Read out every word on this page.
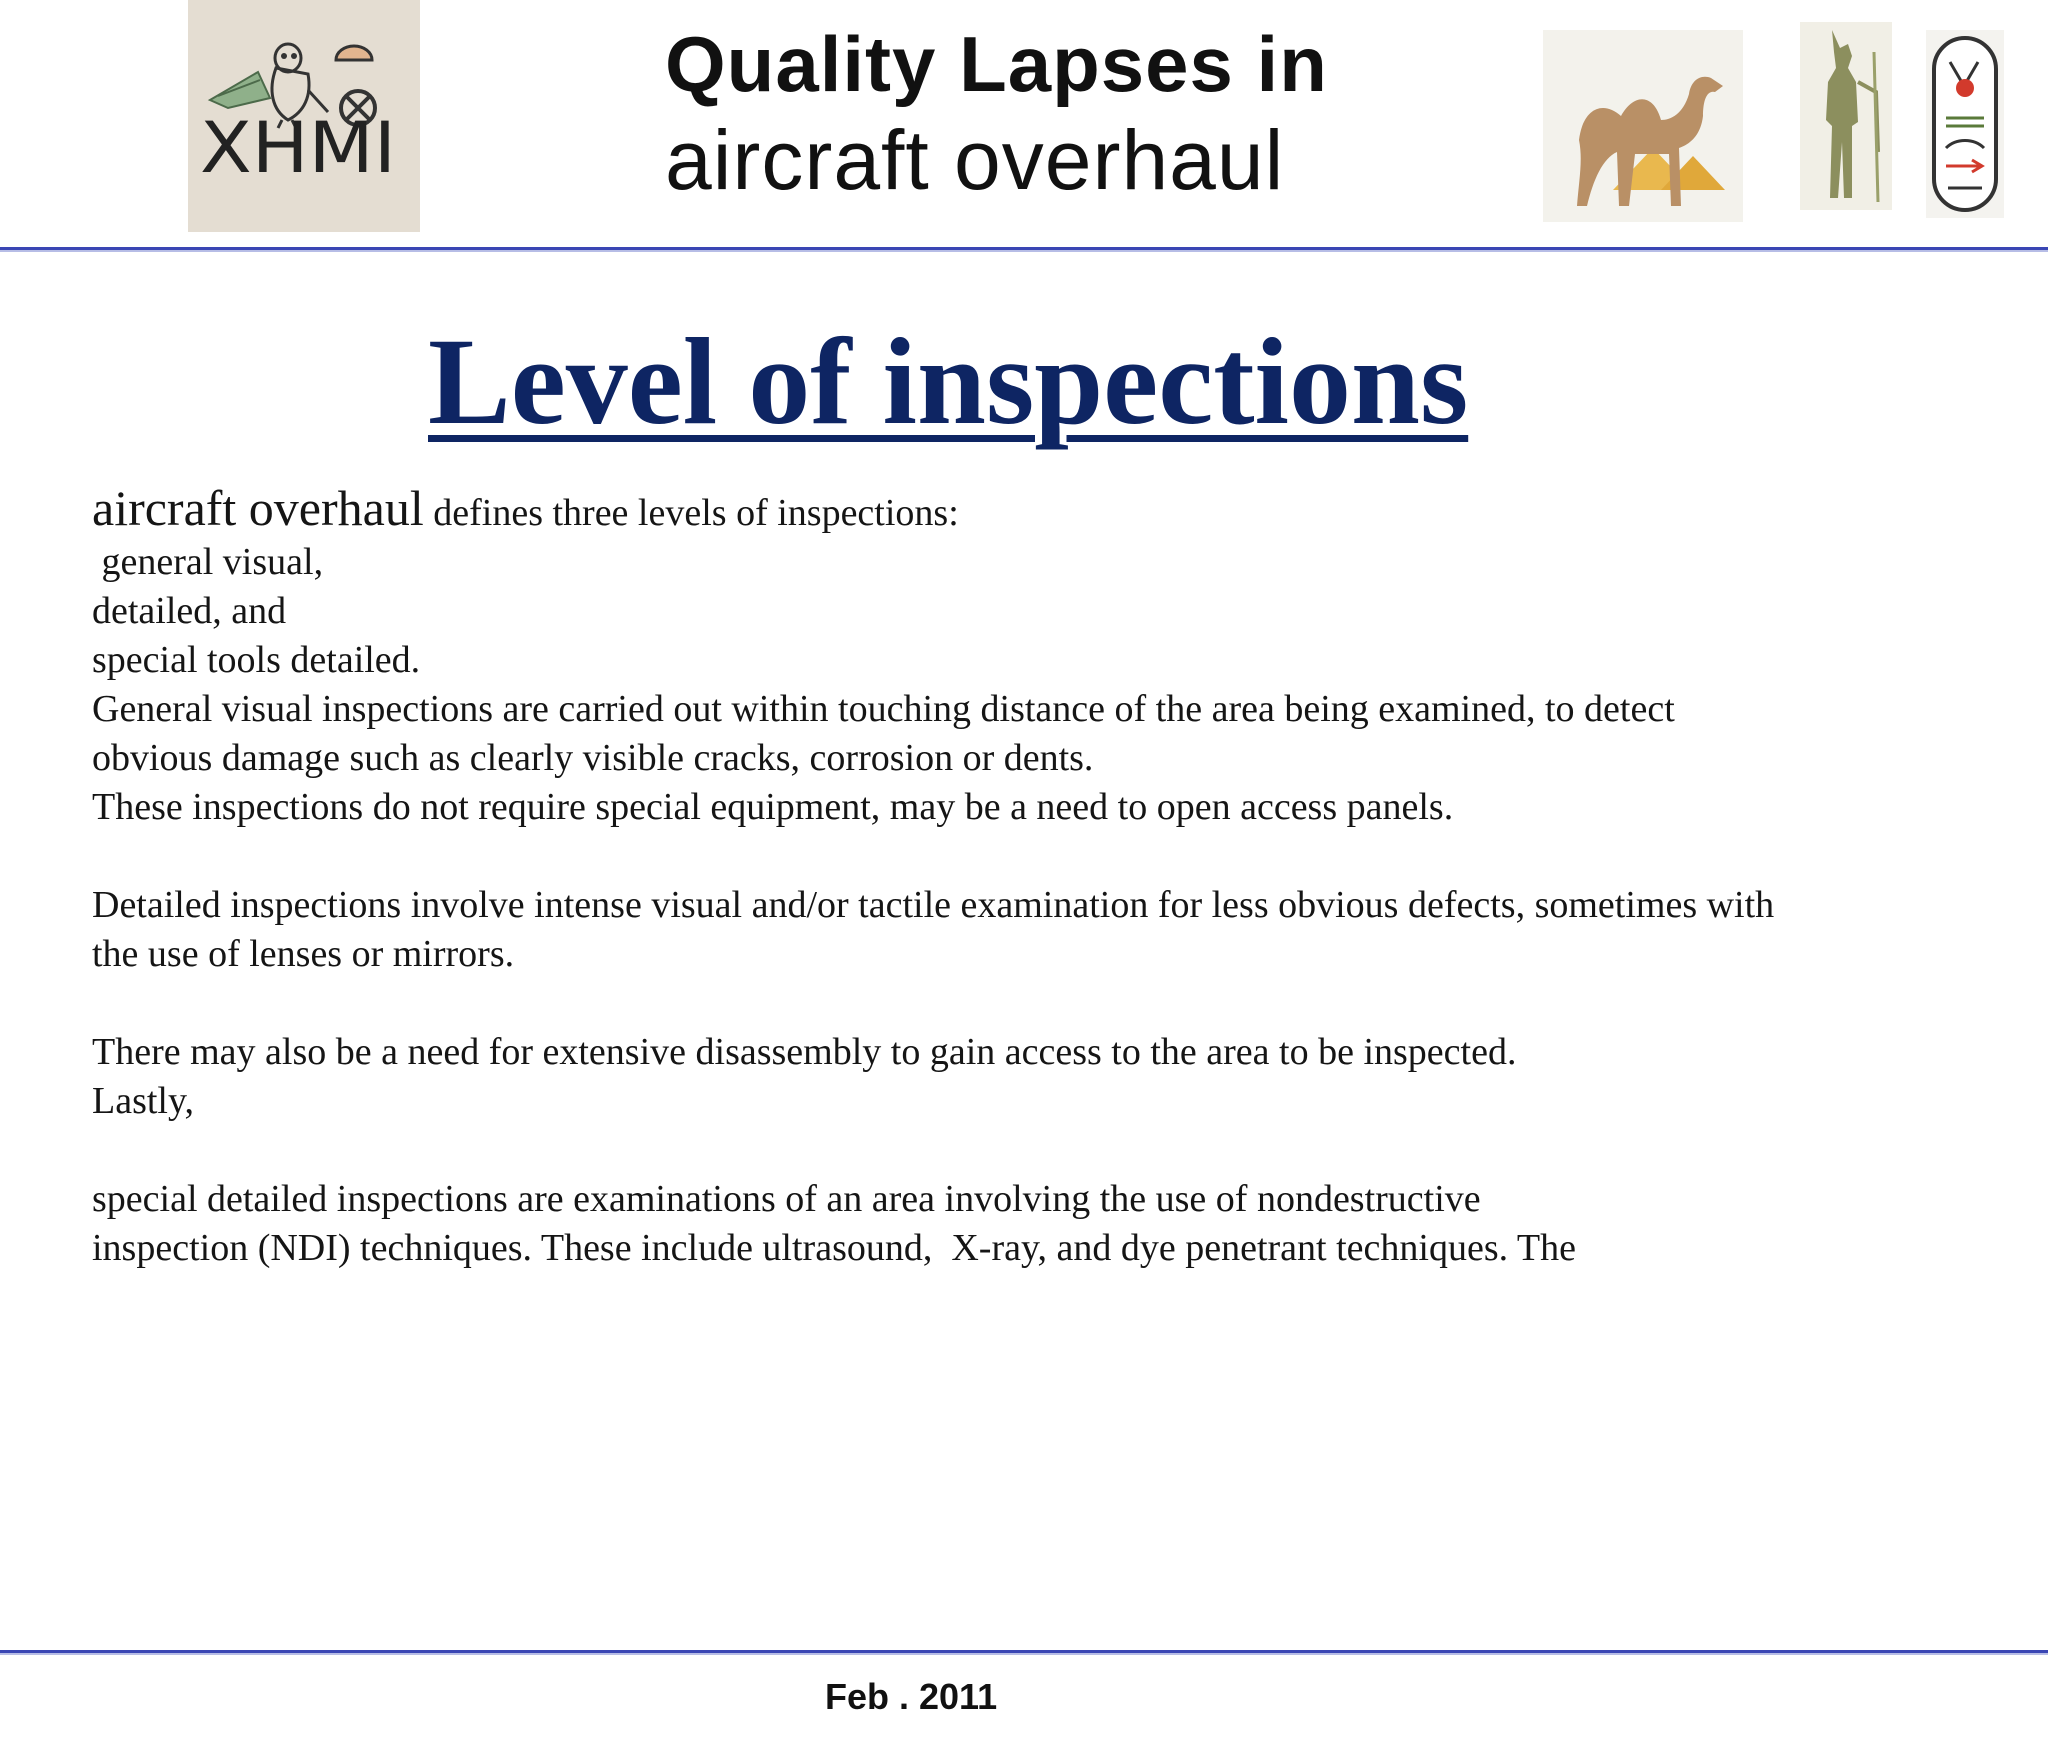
XHMI
Quality Lapses in
aircraft overhaul
Level of inspections
aircraft overhaul defines three levels of inspections:
general visual,
detailed, and
special tools detailed.
General visual inspections are carried out within touching distance of the area being examined, to detect
obvious damage such as clearly visible cracks, corrosion or dents.
These inspections do not require special equipment, may be a need to open access panels.
Detailed inspections involve intense visual and/or tactile examination for less obvious defects, sometimes with
the use of lenses or mirrors.
There may also be a need for extensive disassembly to gain access to the area to be inspected.
Lastly,
special detailed inspections are examinations of an area involving the use of nondestructive
inspection (NDI) techniques. These include ultrasound,  X-ray, and dye penetrant techniques. The
Feb . 2011
